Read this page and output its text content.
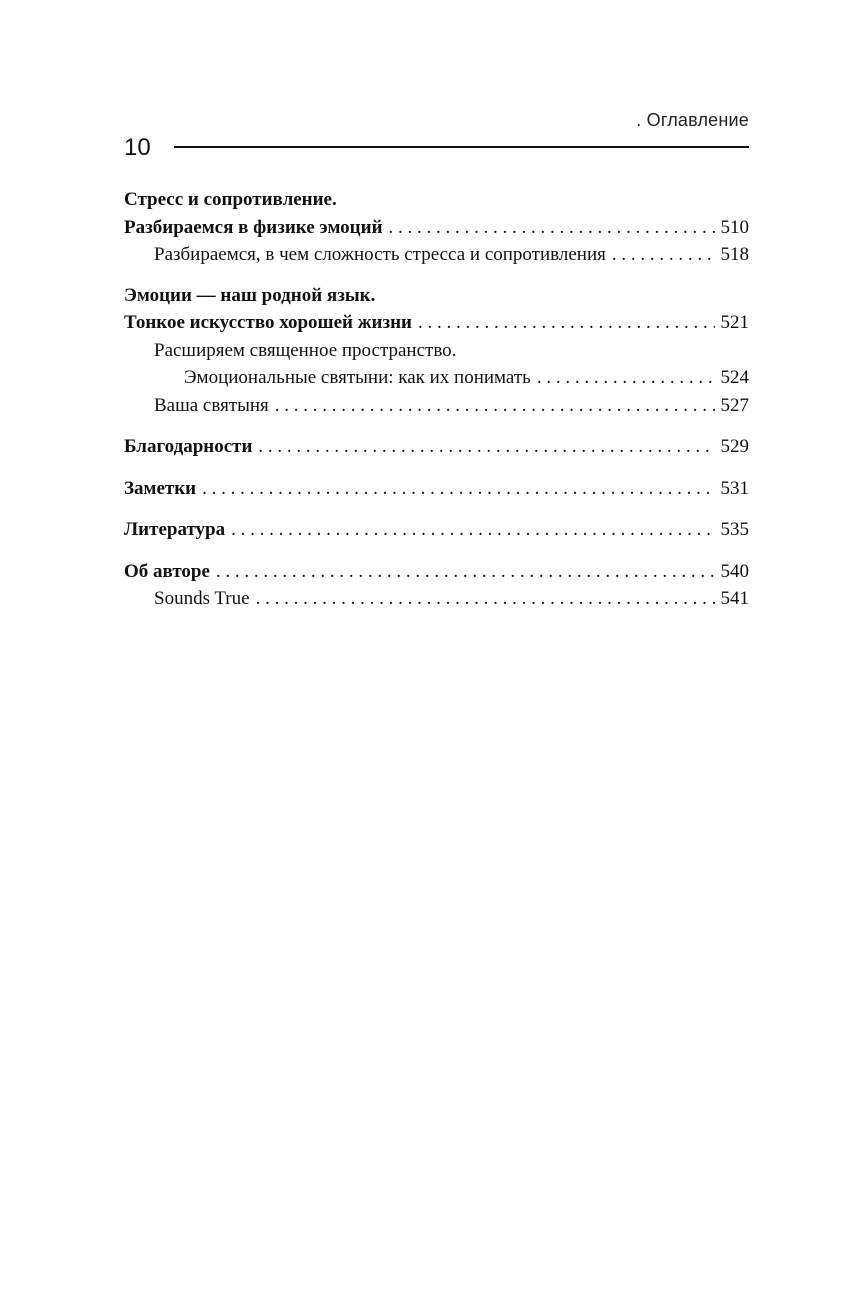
. Оглавление
10
Стресс и сопротивление.
Разбираемся в физике эмоций . . .	510
Разбираемся, в чем сложность стресса и сопротивления . . .	518
Эмоции — наш родной язык.
Тонкое искусство хорошей жизни . . .	521
Расширяем священное пространство.
Эмоциональные святыни: как их понимать . . .	524
Ваша святыня . . .	527
Благодарности . . .	529
Заметки . . .	531
Литература . . .	535
Об авторе . . .	540
Sounds True . . .	541
